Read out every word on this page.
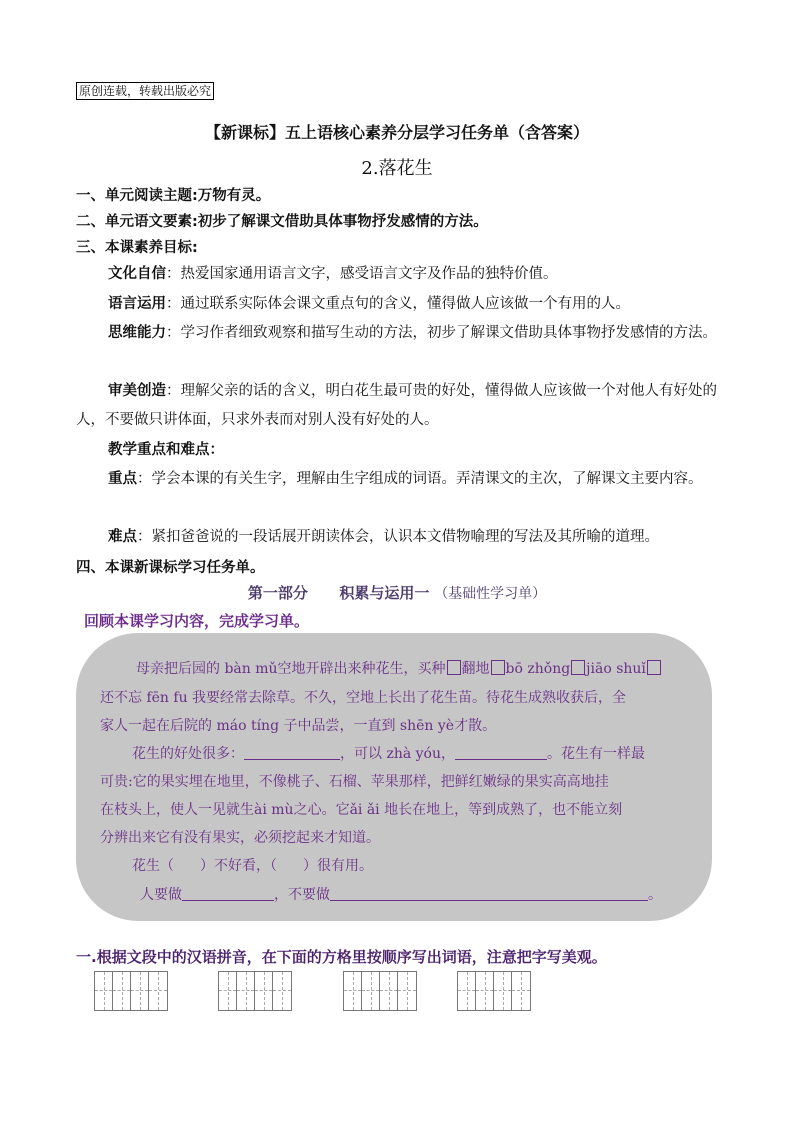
原创连载，转载出版必究
【新课标】五上语核心素养分层学习任务单（含答案）
2.落花生
一、单元阅读主题:万物有灵。
二、单元语文要素:初步了解课文借助具体事物抒发感情的方法。
三、本课素养目标:
文化自信：热爱国家通用语言文字，感受语言文字及作品的独特价值。
语言运用：通过联系实际体会课文重点句的含义，懂得做人应该做一个有用的人。
思维能力：学习作者细致观察和描写生动的方法，初步了解课文借助具体事物抒发感情的方法。
审美创造：理解父亲的话的含义，明白花生最可贵的好处，懂得做人应该做一个对他人有好处的人，不要做只讲体面，只求外表而对别人没有好处的人。
教学重点和难点：
重点：学会本课的有关生字，理解由生字组成的词语。弄清课文的主次，了解课文主要内容。
难点：紧扣爸爸说的一段话展开朗读体会，认识本文借物喻理的写法及其所喻的道理。
四、本课新课标学习任务单。
第一部分 积累与运用一 （基础性学习单）
回顾本课学习内容，完成学习单。
母亲把后园的 bàn mǔ空地开辟出来种花生，买种 翻地 bō zhǒng jiāo shuǐ
还不忘 fēn fu 我要经常去除草。不久，空地上长出了花生苗。待花生成熟收获后，全
家人一起在后院的 máo tíng 子中品尝，一直到 shēn yè才散。
花生的好处很多：	，可以 zhà yóu，	。花生有一样最
可贵:它的果实埋在地里，不像桃子、石榴、苹果那样，把鲜红嫩绿的果实高高地挂
在枝头上，使人一见就生ài mù之心。它ǎi ǎi 地长在地上，等到成熟了，也不能立刻
分辨出来它有没有果实，必须挖起来才知道。
花生（ ）不好看，（ ）很有用。
人要做	，不要做	。
一.根据文段中的汉语拼音，在下面的方格里按顺序写出词语，注意把字写美观。
